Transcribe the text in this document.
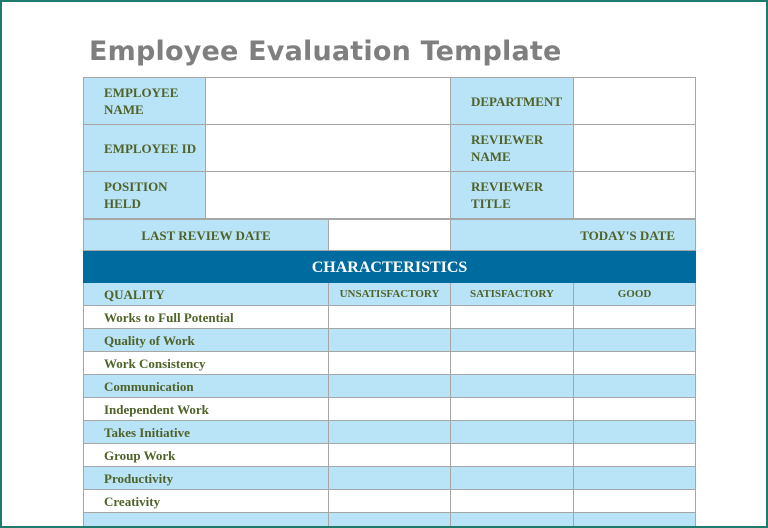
Employee Evaluation Template
EMPLOYEE NAME		DEPARTMENT	
EMPLOYEE ID		REVIEWER NAME	
POSITION HELD		REVIEWER TITLE	
LAST REVIEW DATE		TODAY'S DATE
CHARACTERISTICS			
QUALITY	UNSATISFACTORY	SATISFACTORY	GOOD
Works to Full Potential			
Quality of Work			
Work Consistency			
Communication			
Independent Work			
Takes Initiative			
Group Work			
Productivity			
Creativity			
